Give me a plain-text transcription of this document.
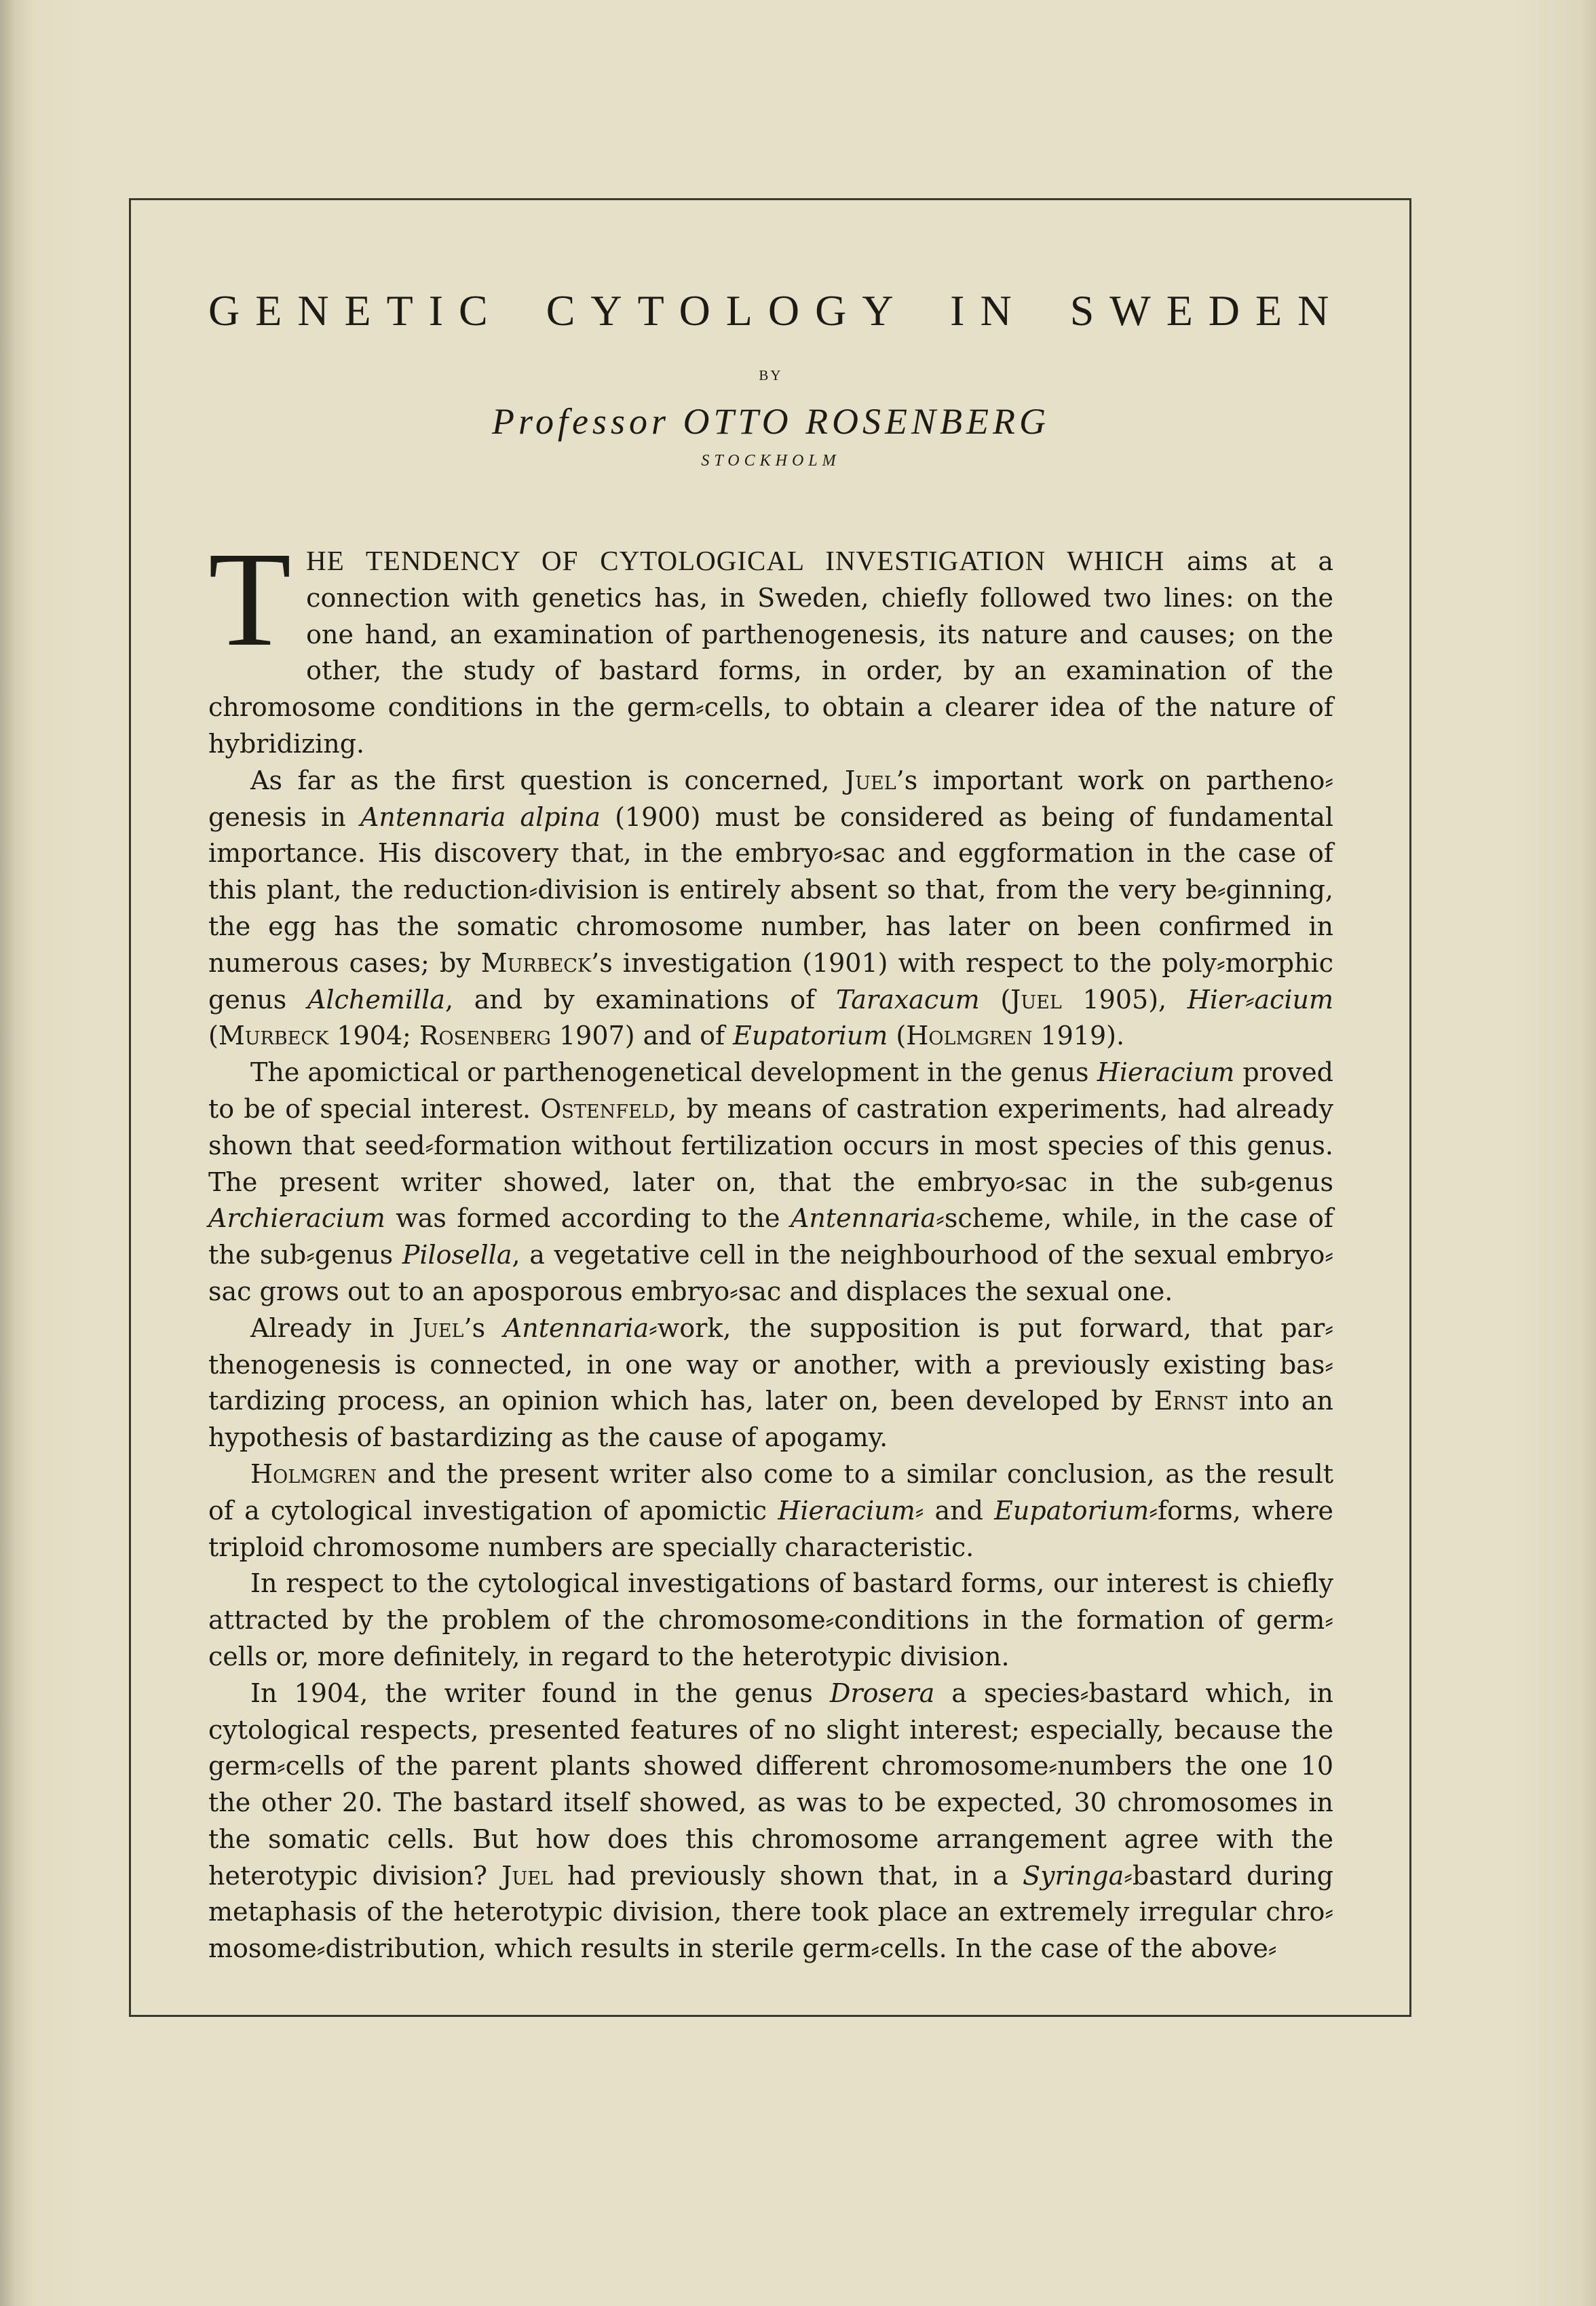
GENETIC CYTOLOGY IN SWEDEN
BY
Professor OTTO ROSENBERG
STOCKHOLM

THE TENDENCY OF CYTOLOGICAL INVESTIGATION WHICH aims at a connection with genetics has, in Sweden, chiefly followed two lines: on the one hand, an examination of parthenogenesis, its nature and causes; on the other, the study of bastard forms, in order, by an examination of the chromosome conditions in the germ⸗cells, to obtain a clearer idea of the nature of hybridizing.

As far as the first question is concerned, Juel’s important work on partheno⸗genesis in Antennaria alpina (1900) must be considered as being of fundamental importance. His discovery that, in the embryo⸗sac and eggformation in the case of this plant, the reduction⸗division is entirely absent so that, from the very be⸗ginning, the egg has the somatic chromosome number, has later on been confirmed in numerous cases; by Murbeck’s investigation (1901) with respect to the poly⸗morphic genus Alchemilla, and by examinations of Taraxacum (Juel 1905), Hier⸗acium (Murbeck 1904; Rosenberg 1907) and of Eupatorium (Holmgren 1919).

The apomictical or parthenogenetical development in the genus Hieracium proved to be of special interest. Ostenfeld, by means of castration experiments, had already shown that seed⸗formation without fertilization occurs in most species of this genus. The present writer showed, later on, that the embryo⸗sac in the sub⸗genus Archieracium was formed according to the Antennaria⸗scheme, while, in the case of the sub⸗genus Pilosella, a vegetative cell in the neighbourhood of the sexual embryo⸗sac grows out to an aposporous embryo⸗sac and displaces the sexual one.

Already in Juel’s Antennaria⸗work, the supposition is put forward, that par⸗thenogenesis is connected, in one way or another, with a previously existing bas⸗tardizing process, an opinion which has, later on, been developed by Ernst into an hypothesis of bastardizing as the cause of apogamy.

Holmgren and the present writer also come to a similar conclusion, as the result of a cytological investigation of apomictic Hieracium⸗ and Eupatorium⸗forms, where triploid chromosome numbers are specially characteristic.

In respect to the cytological investigations of bastard forms, our interest is chiefly attracted by the problem of the chromosome⸗conditions in the formation of germ⸗cells or, more definitely, in regard to the heterotypic division.

In 1904, the writer found in the genus Drosera a species⸗bastard which, in cytological respects, presented features of no slight interest; especially, because the germ⸗cells of the parent plants showed different chromosome⸗numbers the one 10 the other 20. The bastard itself showed, as was to be expected, 30 chromosomes in the somatic cells. But how does this chromosome arrangement agree with the heterotypic division? Juel had previously shown that, in a Syringa⸗bastard during metaphasis of the heterotypic division, there took place an extremely irregular chro⸗mosome⸗distribution, which results in sterile germ⸗cells. In the case of the above⸗
